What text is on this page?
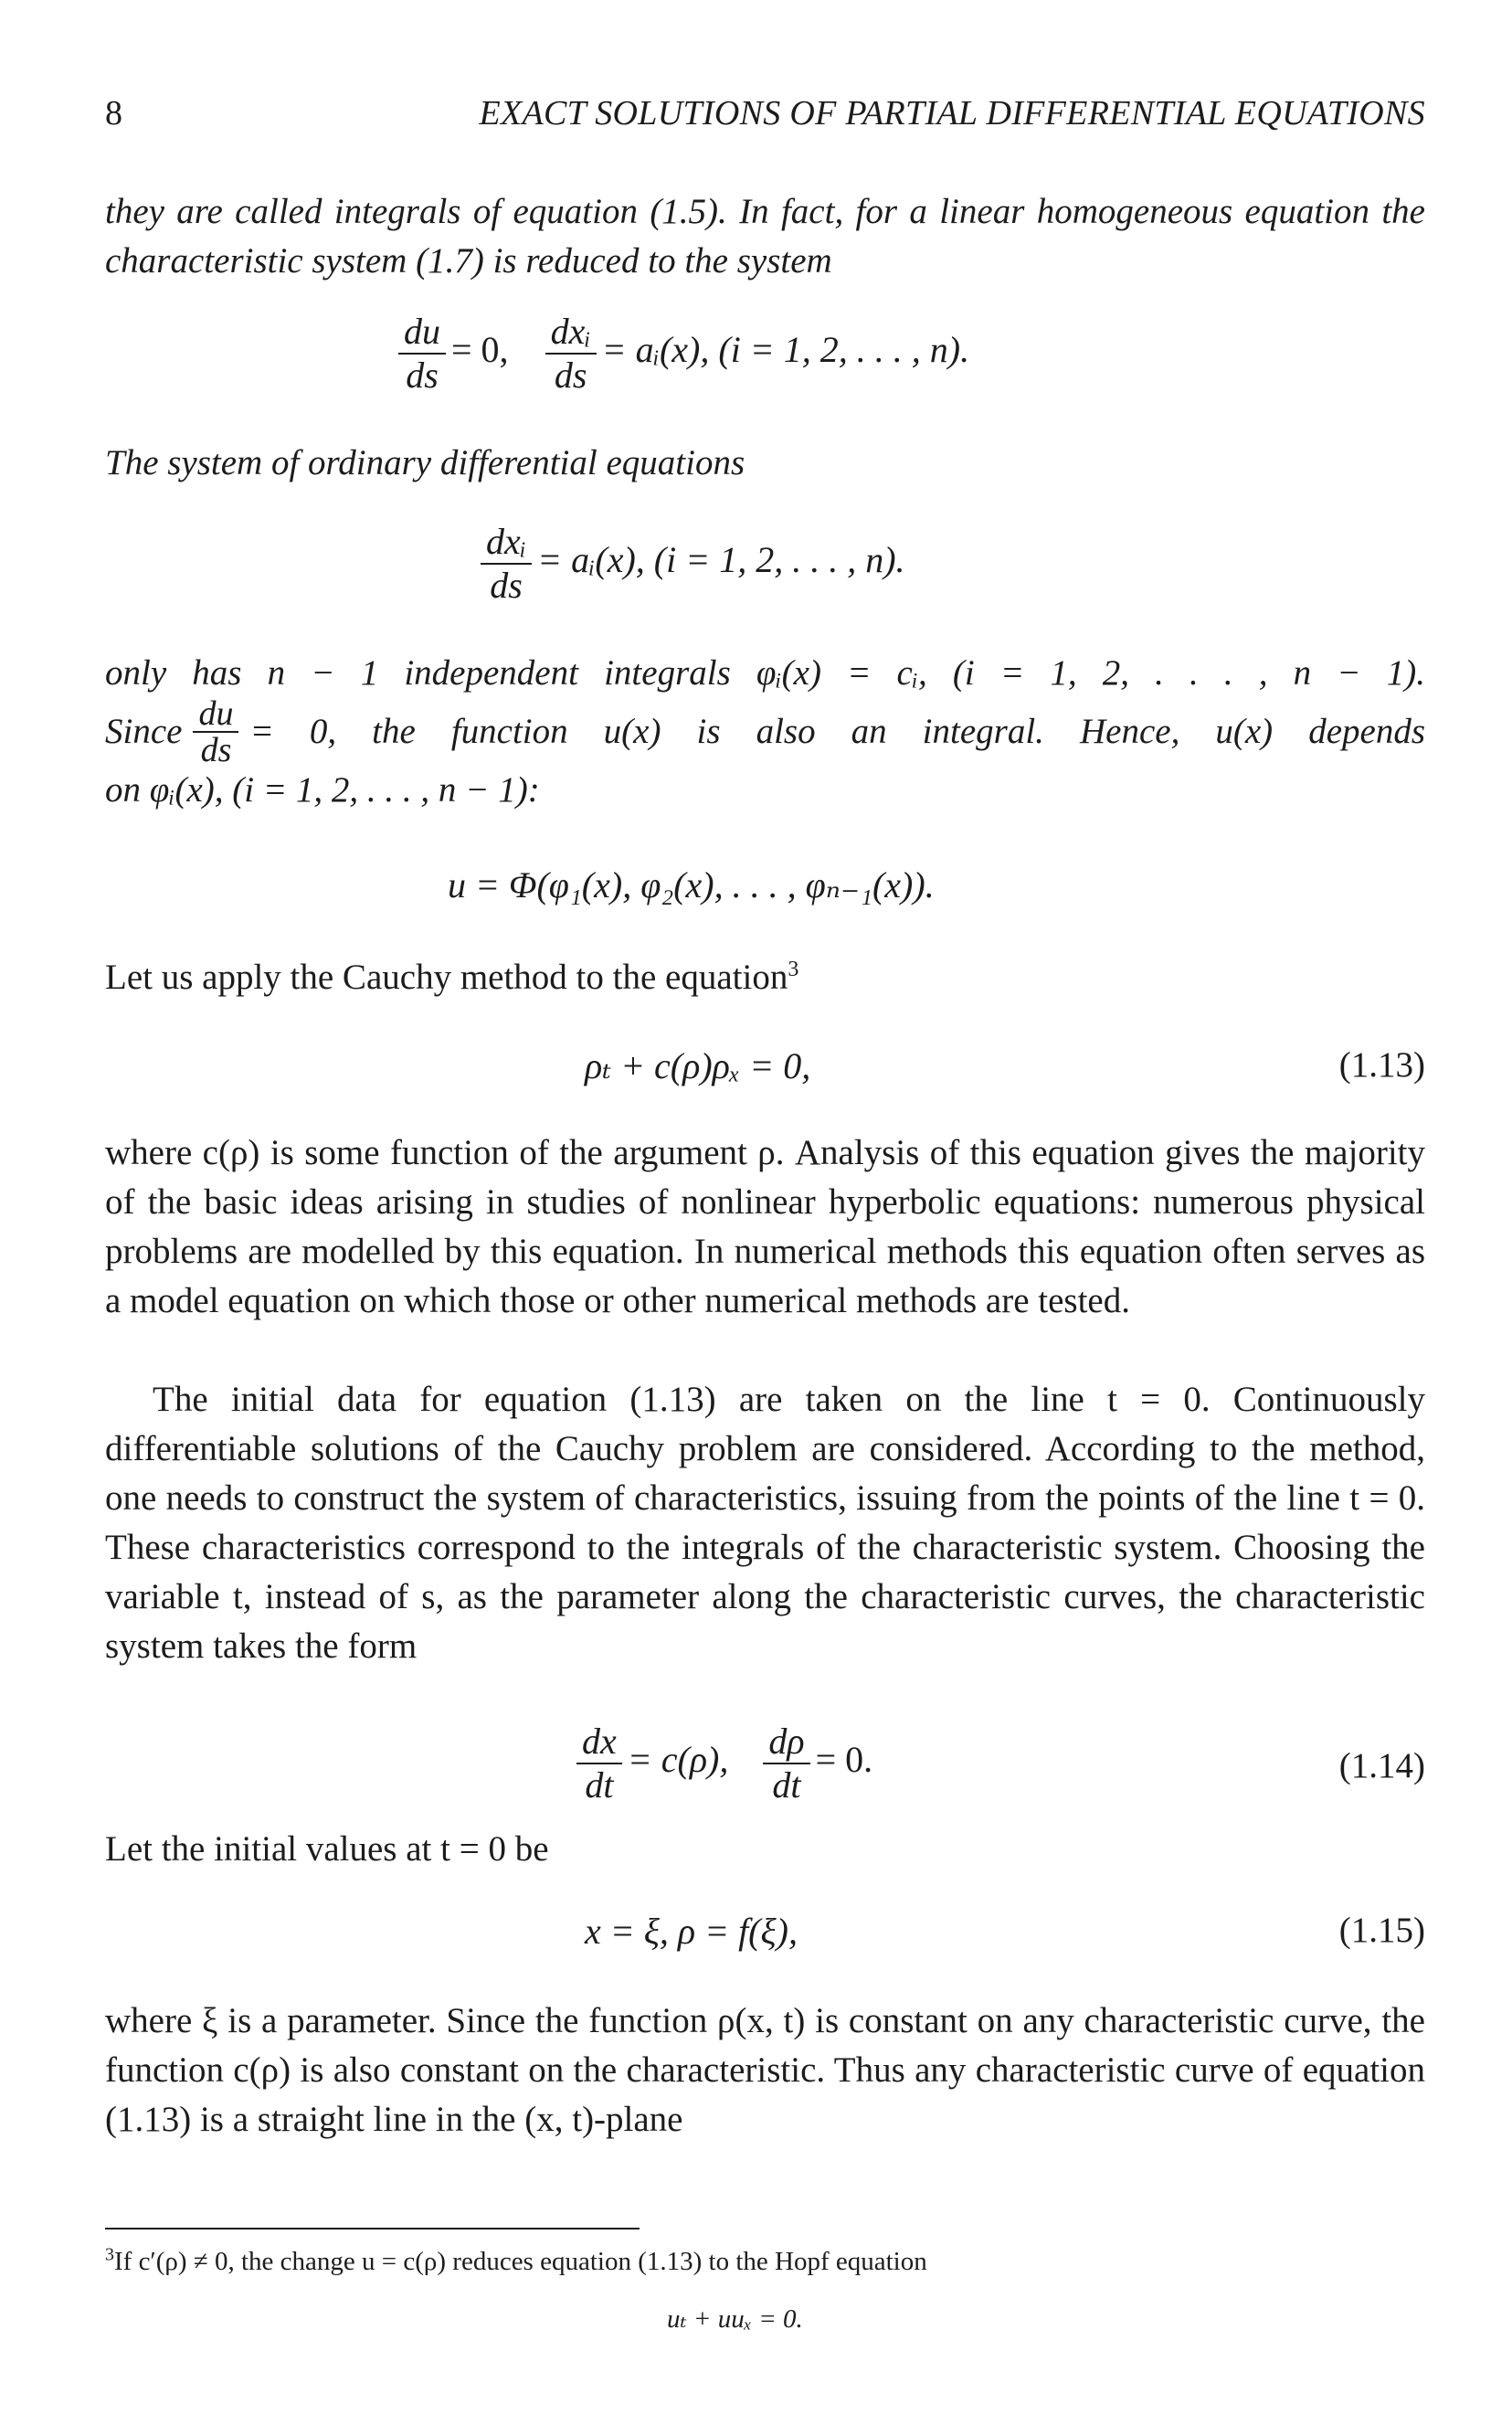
8	EXACT SOLUTIONS OF PARTIAL DIFFERENTIAL EQUATIONS
they are called integrals of equation (1.5). In fact, for a linear homogeneous equation the characteristic system (1.7) is reduced to the system
$\frac{du}{ds} = 0$, $\frac{\text{dxᵢ}}{ds}$ = aᵢ(x), (i = 1, 2, . . . , n).
The system of ordinary differential equations
$\frac{\text{dxᵢ}}{ds}$ = aᵢ(x), (i = 1, 2, . . . , n).
only has n − 1 independent integrals φᵢ(x) = cᵢ, (i = 1, 2, . . . , n − 1).
Since $\frac{du}{ds} = 0$, the function u(x) is also an integral. Hence, u(x) depends
on φᵢ(x), (i = 1, 2, . . . , n − 1):
u = Φ(φ₁(x), φ₂(x), . . . , φₙ₋₁(x)).
Let us apply the Cauchy method to the equation$^3$
ρₜ + c(ρ)ρₓ = 0,	(1.13)
where c(ρ) is some function of the argument ρ. Analysis of this equation gives the majority of the basic ideas arising in studies of nonlinear hyperbolic equations: numerous physical problems are modelled by this equation. In numerical methods this equation often serves as a model equation on which those or other numerical methods are tested.
The initial data for equation (1.13) are taken on the line t = 0. Continuously differentiable solutions of the Cauchy problem are considered. According to the method, one needs to construct the system of characteristics, issuing from the points of the line t = 0. These characteristics correspond to the integrals of the characteristic system. Choosing the variable t, instead of s, as the parameter along the characteristic curves, the characteristic system takes the form
$\frac{dx}{dt} = c(\rho)$, $\frac{d\rho}{dt} = 0$.	(1.14)
Let the initial values at t = 0 be
x = ξ, ρ = f(ξ),	(1.15)
where ξ is a parameter. Since the function ρ(x, t) is constant on any characteristic curve, the function c(ρ) is also constant on the characteristic. Thus any characteristic curve of equation (1.13) is a straight line in the (x, t)-plane
$^3$If c′(ρ) ≠ 0, the change u = c(ρ) reduces equation (1.13) to the Hopf equation
uₜ + uuₓ = 0.
